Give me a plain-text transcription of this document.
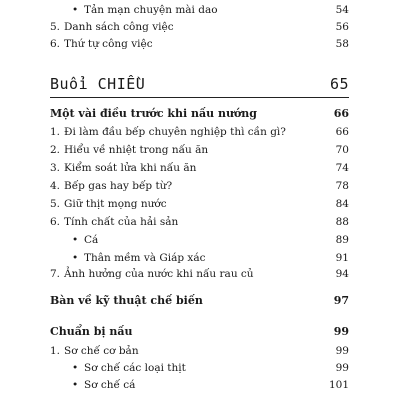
• Tản mạn chuyện mài dao	54
5. Danh sách công việc	56
6. Thứ tự công việc	58
Buổi CHIỀU	65
Một vài điều trước khi nấu nướng	66
1. Đi làm đầu bếp chuyên nghiệp thì cần gì?	66
2. Hiểu về nhiệt trong nấu ăn	70
3. Kiểm soát lửa khi nấu ăn	74
4. Bếp gas hay bếp từ?	78
5. Giữ thịt mọng nước	84
6. Tính chất của hải sản	88
• Cá	89
• Thân mềm và Giáp xác	91
7. Ảnh hưởng của nước khi nấu rau củ	94
Bàn về kỹ thuật chế biến	97
Chuẩn bị nấu	99
1. Sơ chế cơ bản	99
• Sơ chế các loại thịt	99
• Sơ chế cá	101
